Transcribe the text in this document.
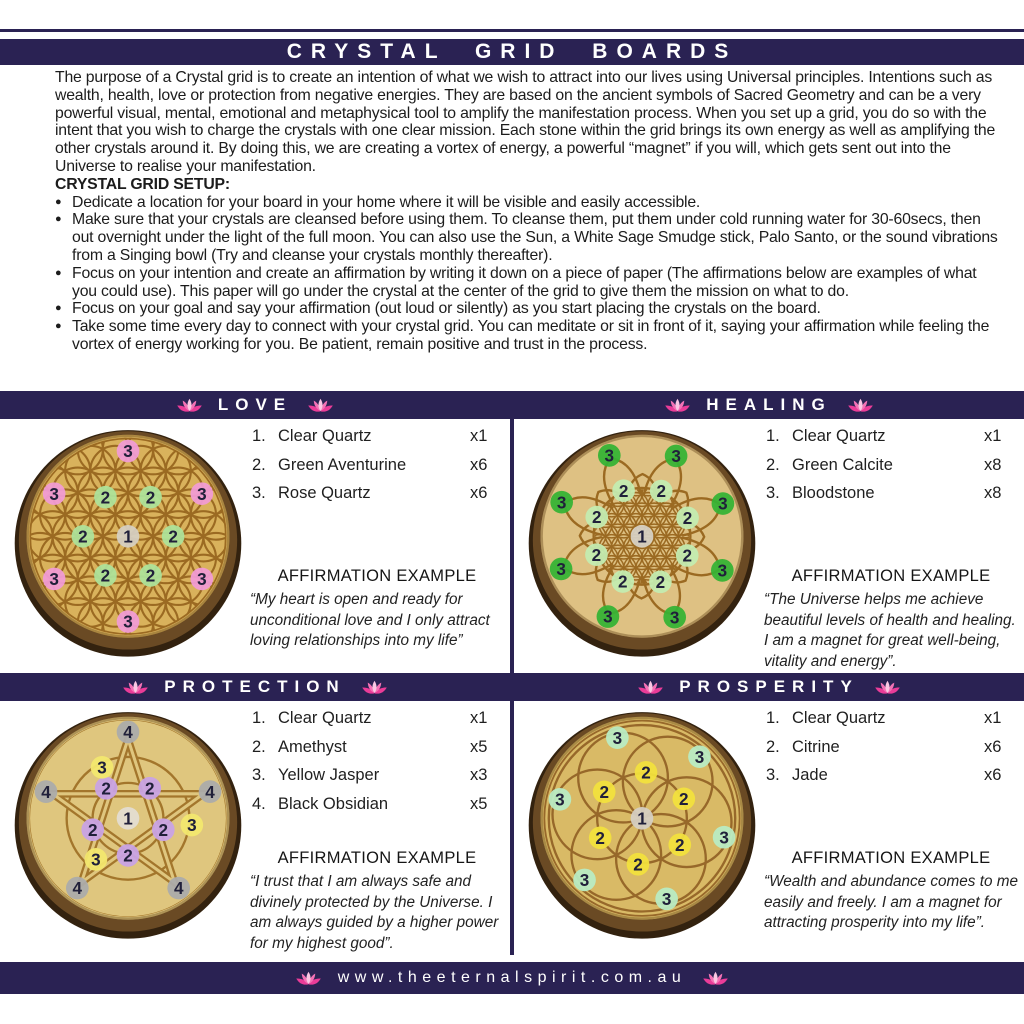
CRYSTAL GRID BOARDS

The purpose of a Crystal grid is to create an intention of what we wish to attract into our lives using Universal principles. Intentions such as wealth, health, love or protection from negative energies. They are based on the ancient symbols of Sacred Geometry and can be a very powerful visual, mental, emotional and metaphysical tool to amplify the manifestation process. When you set up a grid, you do so with the intent that you wish to charge the crystals with one clear mission. Each stone within the grid brings its own energy as well as amplifying the other crystals around it. By doing this, we are creating a vortex of energy, a powerful “magnet” if you will, which gets sent out into the Universe to realise your manifestation.

CRYSTAL GRID SETUP:
● Dedicate a location for your board in your home where it will be visible and easily accessible.
● Make sure that your crystals are cleansed before using them. To cleanse them, put them under cold running water for 30-60secs, then out overnight under the light of the full moon. You can also use the Sun, a White Sage Smudge stick, Palo Santo, or the sound vibrations from a Singing bowl (Try and cleanse your crystals monthly thereafter).
● Focus on your intention and create an affirmation by writing it down on a piece of paper (The affirmations below are examples of what you could use). This paper will go under the crystal at the center of the grid to give them the mission on what to do.
● Focus on your goal and say your affirmation (out loud or silently) as you start placing the crystals on the board.
● Take some time every day to connect with your crystal grid. You can meditate or sit in front of it, saying your affirmation while feeling the vortex of energy working for you. Be patient, remain positive and trust in the process.
LOVE
2
2
2
2
2 2
3
3
3
3
3
3
1
1. Clear Quartz	x1
2. Green Aventurine	x6
3. Rose Quartz	x6
AFFIRMATION EXAMPLE
“My heart is open and ready for unconditional love and I only attract loving relationships into my life”
HEALING
2
2
2
2
2
2 2
2
3
3
3
3
3
3	3
3
1
1. Clear Quartz	x1
2. Green Calcite	x8
3. Bloodstone	x8
AFFIRMATION EXAMPLE
“The Universe helps me achieve beautiful levels of health and healing. I am a magnet for great well-being, vitality and energy”.
PROTECTION
2
2
2
2
2
4
4
4
4	4
3
3
3
1
1. Clear Quartz	x1
2. Amethyst	x5
3. Yellow Jasper	x3
4. Black Obsidian	x5
AFFIRMATION EXAMPLE
“I trust that I am always safe and divinely protected by the Universe. I am always guided by a higher power for my highest good”.
PROSPERITY
2
2
2
2
2
2
3
3
3
3
3
3
1
1. Clear Quartz	x1
2. Citrine	x6
3. Jade	x6
AFFIRMATION EXAMPLE
“Wealth and abundance comes to me easily and freely. I am a magnet for attracting prosperity into my life”.
www.theeternalspirit.com.au
